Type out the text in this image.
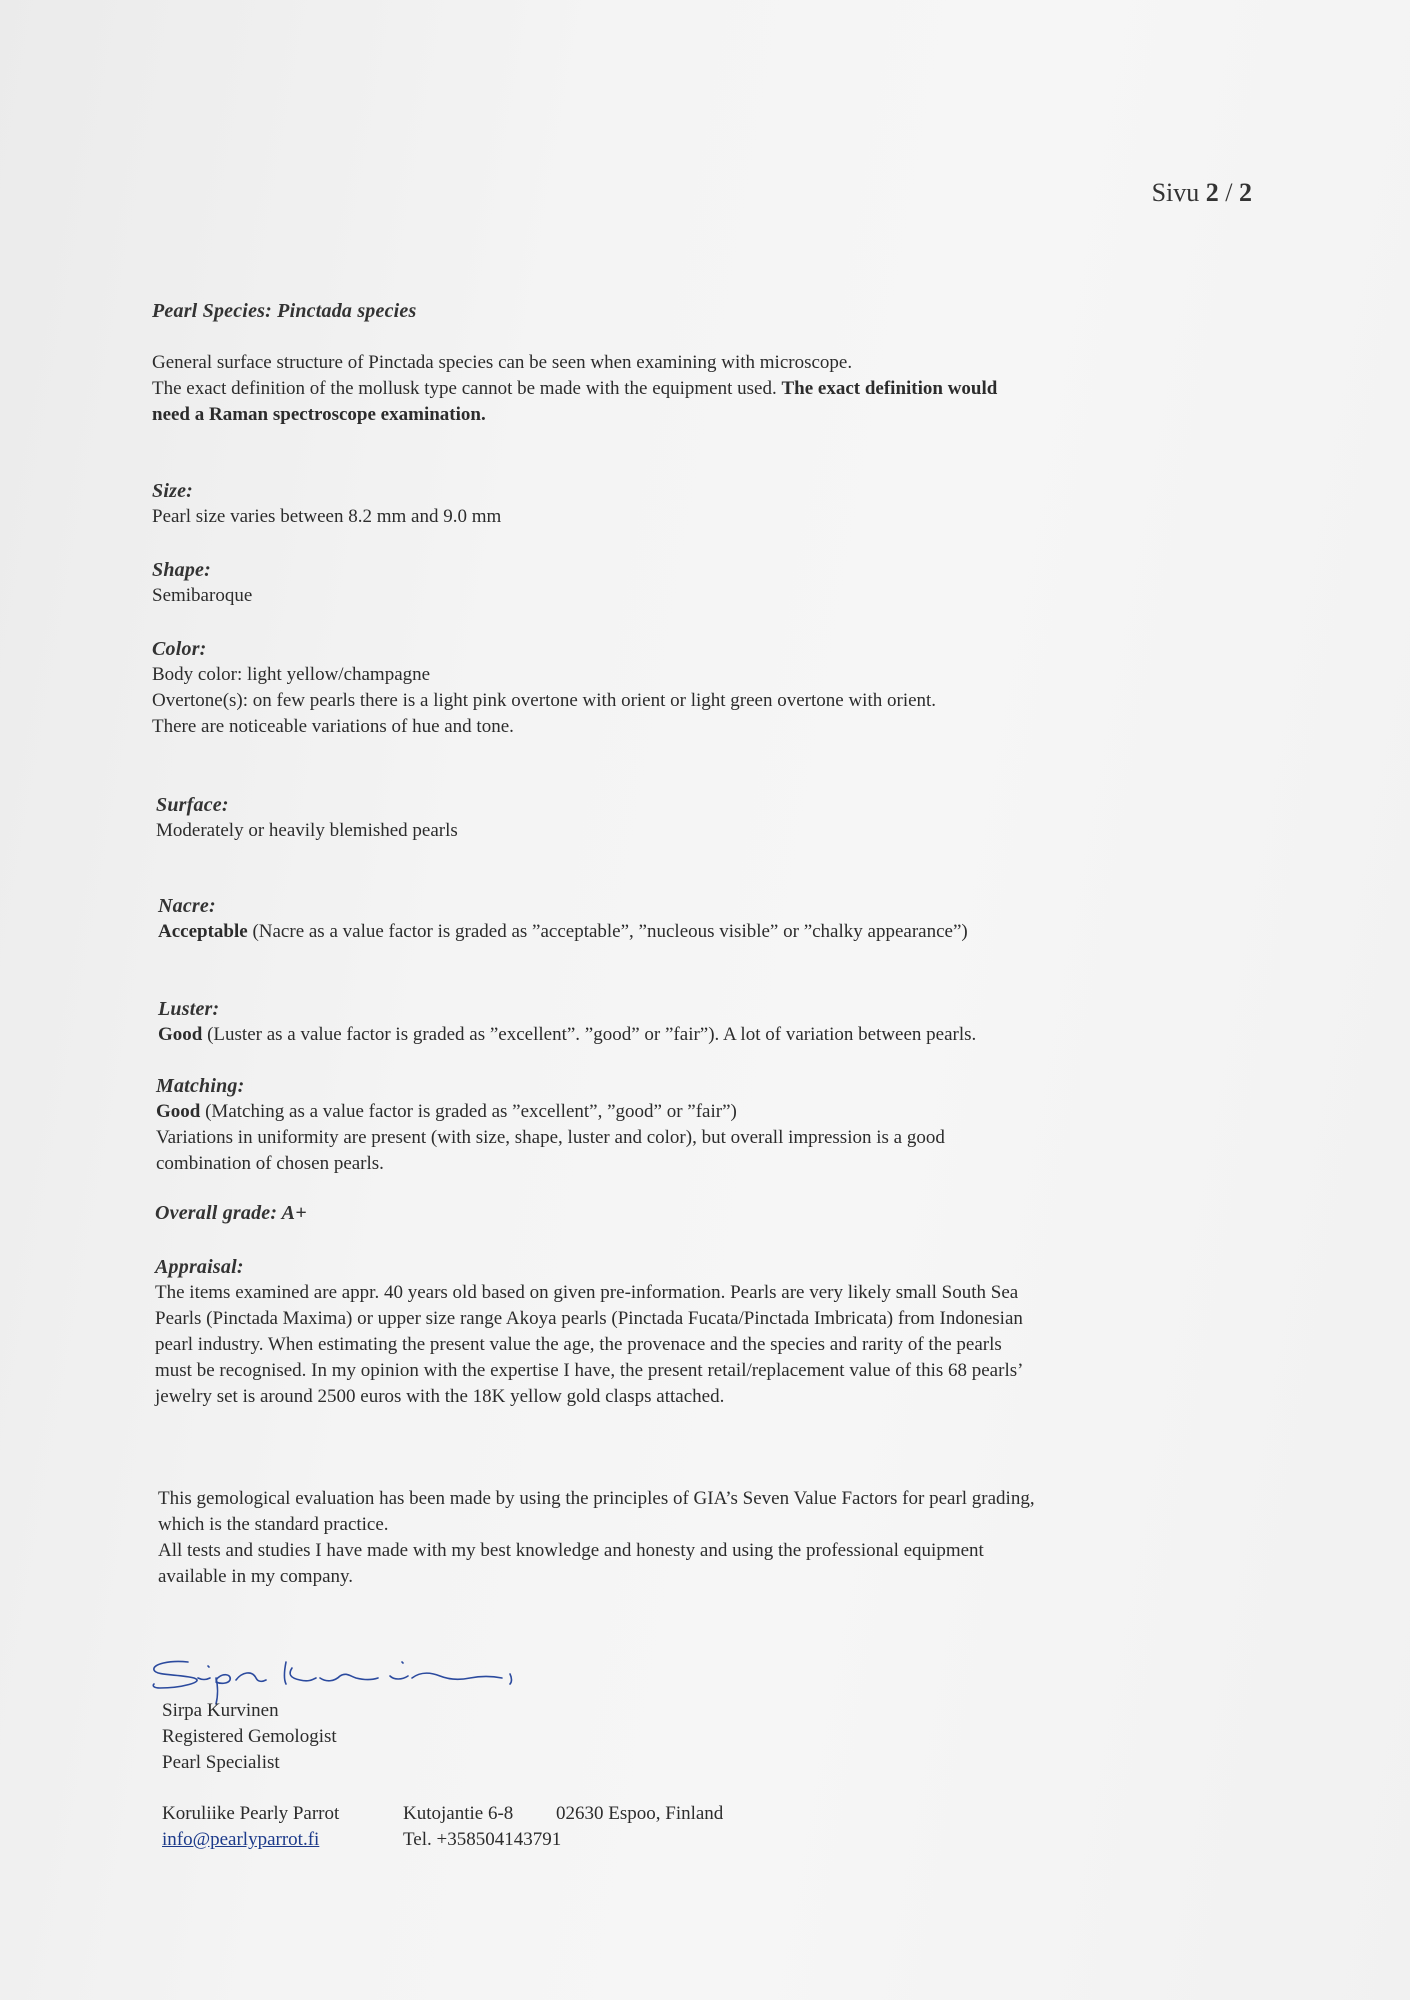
Sivu 2 / 2
Pearl Species: Pinctada species
General surface structure of Pinctada species can be seen when examining with microscope.
The exact definition of the mollusk type cannot be made with the equipment used. The exact definition would
need a Raman spectroscope examination.
Size:
Pearl size varies between 8.2 mm and 9.0 mm
Shape:
Semibaroque
Color:
Body color: light yellow/champagne
Overtone(s): on few pearls there is a light pink overtone with orient or light green overtone with orient.
There are noticeable variations of hue and tone.
Surface:
Moderately or heavily blemished pearls
Nacre:
Acceptable (Nacre as a value factor is graded as ”acceptable”, ”nucleous visible” or ”chalky appearance”)
Luster:
Good (Luster as a value factor is graded as ”excellent”. ”good” or ”fair”). A lot of variation between pearls.
Matching:
Good (Matching as a value factor is graded as ”excellent”, ”good” or ”fair”)
Variations in uniformity are present (with size, shape, luster and color), but overall impression is a good
combination of chosen pearls.
Overall grade: A+
Appraisal:
The items examined are appr. 40 years old based on given pre-information. Pearls are very likely small South Sea
Pearls (Pinctada Maxima) or upper size range Akoya pearls (Pinctada Fucata/Pinctada Imbricata) from Indonesian
pearl industry. When estimating the present value the age, the provenace and the species and rarity of the pearls
must be recognised. In my opinion with the expertise I have, the present retail/replacement value of this 68 pearls’
jewelry set is around 2500 euros with the 18K yellow gold clasps attached.
This gemological evaluation has been made by using the principles of GIA’s Seven Value Factors for pearl grading,
which is the standard practice.
All tests and studies I have made with my best knowledge and honesty and using the professional equipment
available in my company.
Sirpa Kurvinen
Registered Gemologist
Pearl Specialist
Koruliike Pearly Parrot	Kutojantie 6-8	02630 Espoo, Finland
info@pearlyparrot.fi	Tel. +358504143791
